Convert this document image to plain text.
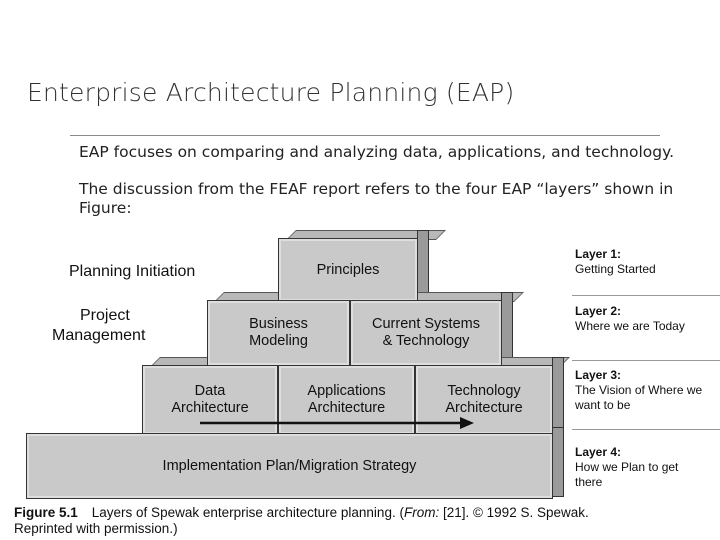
Enterprise Architecture Planning (EAP)
EAP focuses on comparing and analyzing data, applications, and technology.
The discussion from the FEAF report refers to the four EAP “layers” shown in Figure:
Principles
Business
Modeling
Current Systems
& Technology
Data
Architecture
Applications
Architecture
Technology
Architecture
Implementation Plan/Migration Strategy
Planning Initiation
Project
Management
Layer 1:
Getting Started
Layer 2:
Where we are Today
Layer 3:
The Vision of Where we want to be
Layer 4:
How we Plan to get there
Figure 5.1 Layers of Spewak enterprise architecture planning. (From: [21]. © 1992 S. Spewak.
Reprinted with permission.)
